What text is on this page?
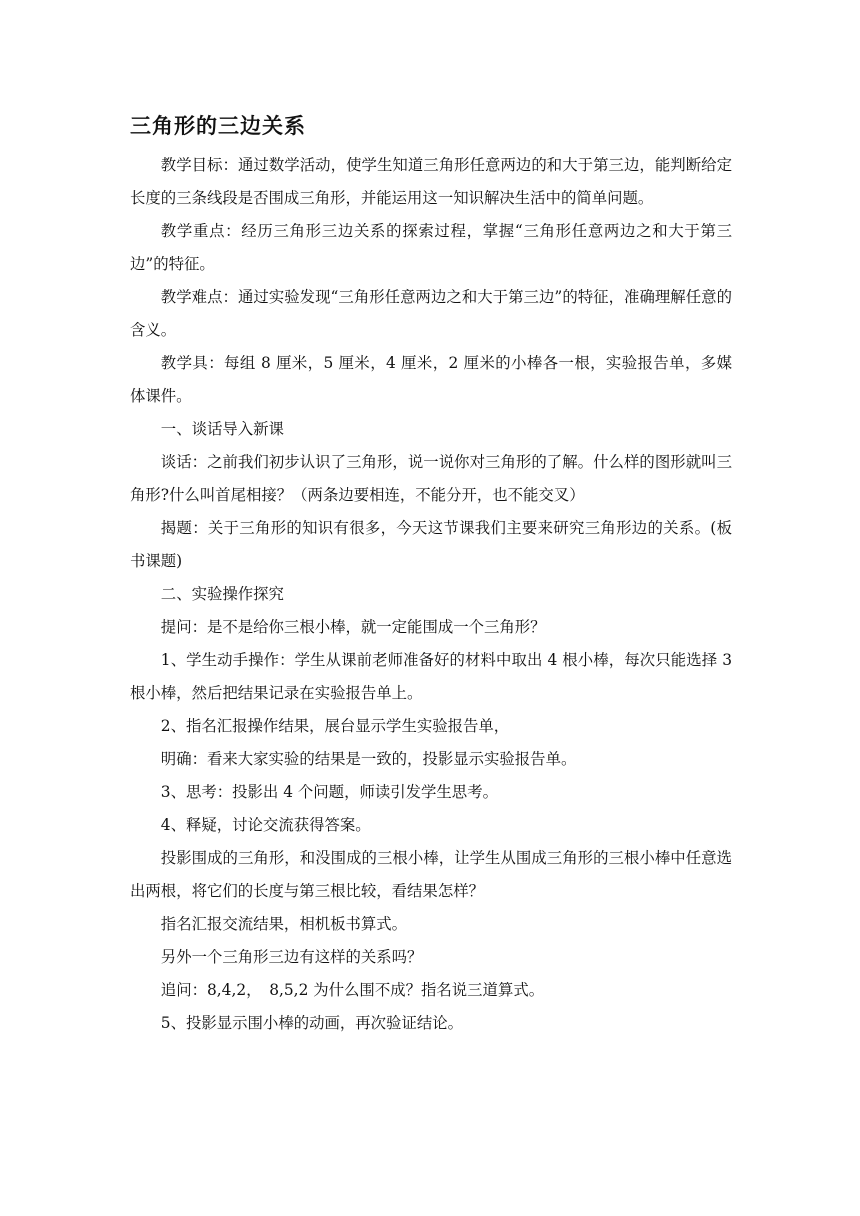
三角形的三边关系

教学目标：通过数学活动，使学生知道三角形任意两边的和大于第三边，能判断给定长度的三条线段是否围成三角形，并能运用这一知识解决生活中的简单问题。

教学重点：经历三角形三边关系的探索过程，掌握“三角形任意两边之和大于第三边”的特征。

教学难点：通过实验发现“三角形任意两边之和大于第三边”的特征，准确理解任意的含义。

教学具：每组 8 厘米，5 厘米，4 厘米，2 厘米的小棒各一根，实验报告单，多媒体课件。

一、谈话导入新课

谈话：之前我们初步认识了三角形，说一说你对三角形的了解。什么样的图形就叫三角形?什么叫首尾相接？（两条边要相连，不能分开，也不能交叉）

揭题：关于三角形的知识有很多，今天这节课我们主要来研究三角形边的关系。(板书课题)

二、实验操作探究

提问：是不是给你三根小棒，就一定能围成一个三角形？

1、学生动手操作：学生从课前老师准备好的材料中取出 4 根小棒，每次只能选择 3 根小棒，然后把结果记录在实验报告单上。

2、指名汇报操作结果，展台显示学生实验报告单，

明确：看来大家实验的结果是一致的，投影显示实验报告单。

3、思考：投影出 4 个问题，师读引发学生思考。

4、释疑，讨论交流获得答案。

投影围成的三角形，和没围成的三根小棒，让学生从围成三角形的三根小棒中任意选出两根，将它们的长度与第三根比较，看结果怎样？

指名汇报交流结果，相机板书算式。

另外一个三角形三边有这样的关系吗？

追问：8,4,2，　8,5,2 为什么围不成？指名说三道算式。

5、投影显示围小棒的动画，再次验证结论。
